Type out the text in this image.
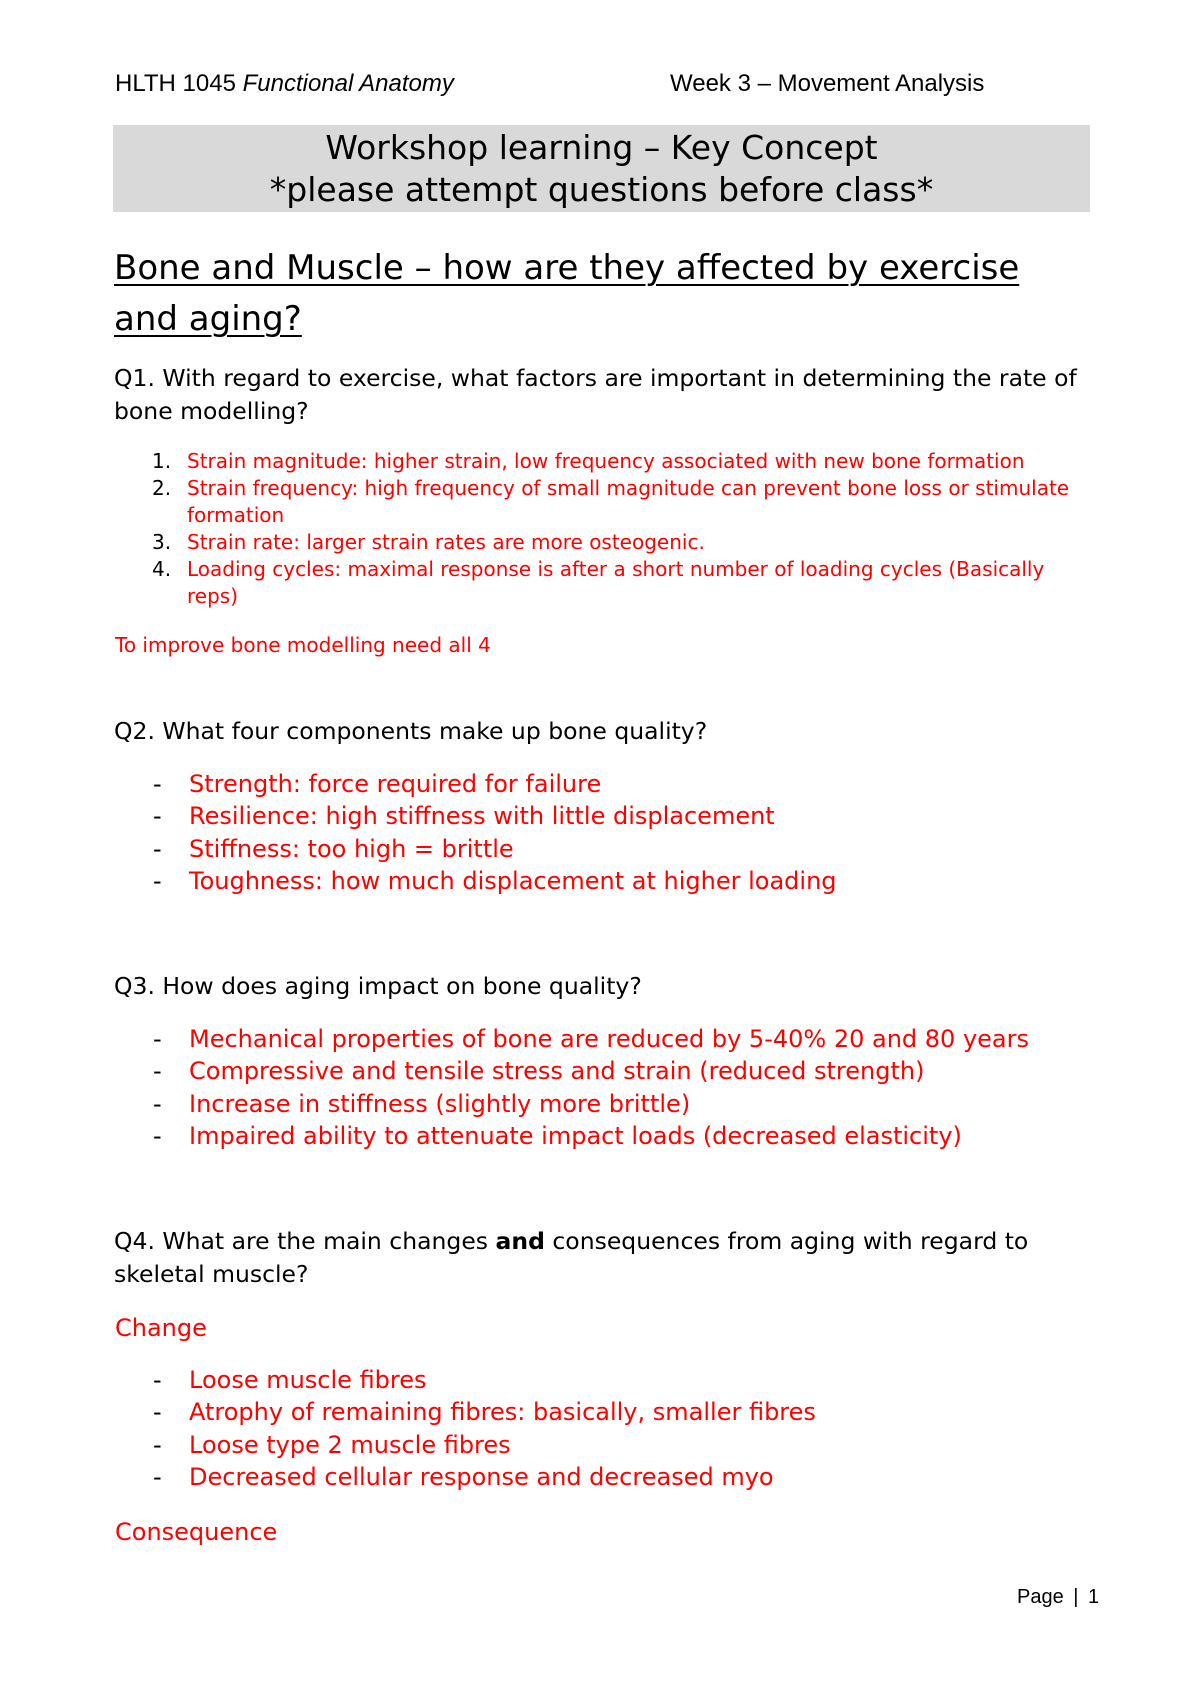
HLTH 1045 Functional Anatomy	Week 3 – Movement Analysis
Workshop learning – Key Concept
*please attempt questions before class*
Bone and Muscle – how are they affected by exercise and aging?
Q1. With regard to exercise, what factors are important in determining the rate of bone modelling?
1. Strain magnitude: higher strain, low frequency associated with new bone formation
2. Strain frequency: high frequency of small magnitude can prevent bone loss or stimulate formation
3. Strain rate: larger strain rates are more osteogenic.
4. Loading cycles: maximal response is after a short number of loading cycles (Basically reps)
To improve bone modelling need all 4
Q2. What four components make up bone quality?
- Strength: force required for failure
- Resilience: high stiffness with little displacement
- Stiffness: too high = brittle
- Toughness: how much displacement at higher loading
Q3. How does aging impact on bone quality?
- Mechanical properties of bone are reduced by 5-40% 20 and 80 years
- Compressive and tensile stress and strain (reduced strength)
- Increase in stiffness (slightly more brittle)
- Impaired ability to attenuate impact loads (decreased elasticity)
Q4. What are the main changes and consequences from aging with regard to skeletal muscle?
Change
- Loose muscle fibres
- Atrophy of remaining fibres: basically, smaller fibres
- Loose type 2 muscle fibres
- Decreased cellular response and decreased myo
Consequence
Page | 1
